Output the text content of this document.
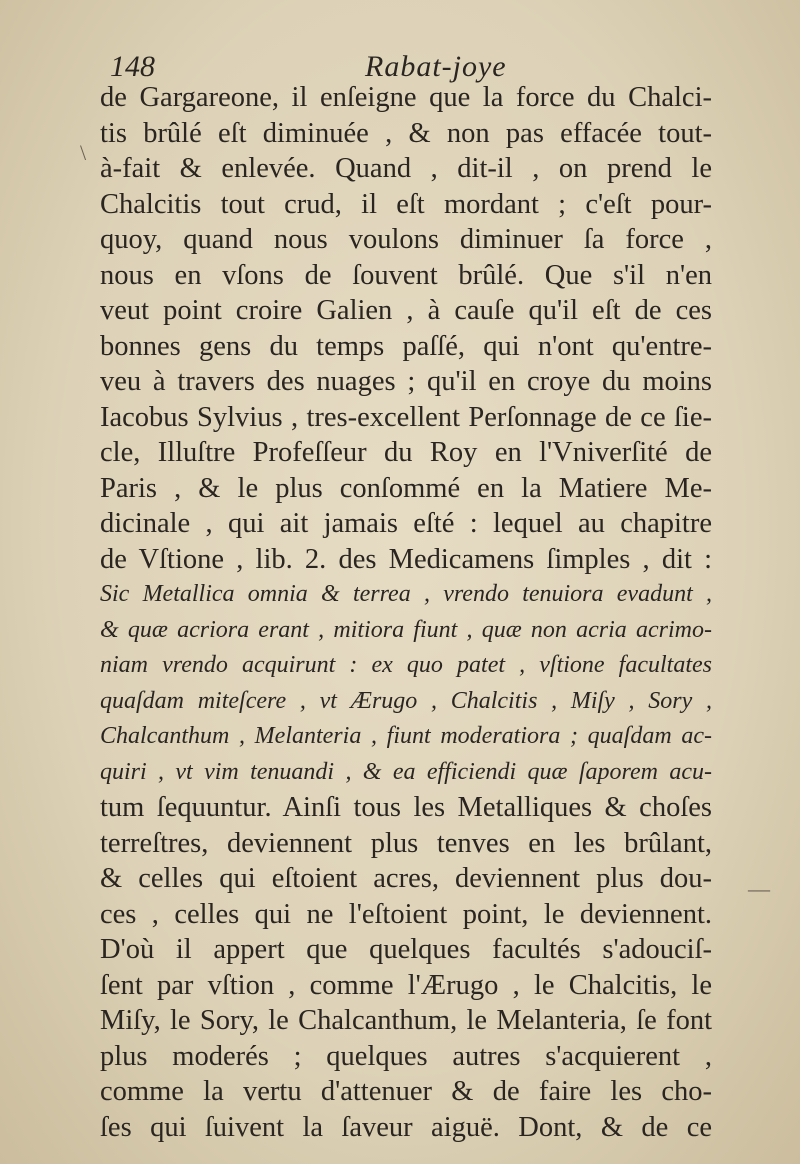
148	Rabat-joye
\
—
de Gargareone, il enſeigne que la force du Chalci-
tis brûlé eſt diminuée , & non pas effacée tout-
à-fait & enlevée. Quand , dit-il , on prend le
Chalcitis tout crud, il eſt mordant ; c'eſt pour-
quoy, quand nous voulons diminuer ſa force ,
nous en vſons de ſouvent brûlé. Que s'il n'en
veut point croire Galien , à cauſe qu'il eſt de ces
bonnes gens du temps paſſé, qui n'ont qu'entre-
veu à travers des nuages ; qu'il en croye du moins
Iacobus Sylvius , tres-excellent Perſonnage de ce ſie-
cle, Illuſtre Profeſſeur du Roy en l'Vniverſité de
Paris , & le plus conſommé en la Matiere Me-
dicinale , qui ait jamais eſté : lequel au chapitre
de Vſtione , lib. 2. des Medicamens ſimples , dit :
Sic Metallica omnia & terrea , vrendo tenuiora evadunt ,
& quæ acriora erant , mitiora fiunt , quæ non acria acrimo-
niam vrendo acquirunt : ex quo patet , vſtione facultates
quaſdam miteſcere , vt Ærugo , Chalcitis , Miſy , Sory ,
Chalcanthum , Melanteria , fiunt moderatiora ; quaſdam ac-
quiri , vt vim tenuandi , & ea efficiendi quæ ſaporem acu-
tum ſequuntur. Ainſi tous les Metalliques & choſes
terreſtres, deviennent plus tenves en les brûlant,
& celles qui eſtoient acres, deviennent plus dou-
ces , celles qui ne l'eſtoient point, le deviennent.
D'où il appert que quelques facultés s'adouciſ-
ſent par vſtion , comme l'Ærugo , le Chalcitis, le
Miſy, le Sory, le Chalcanthum, le Melanteria, ſe font
plus moderés ; quelques autres s'acquierent ,
comme la vertu d'attenuer & de faire les cho-
ſes qui ſuivent la ſaveur aiguë. Dont, & de ce
